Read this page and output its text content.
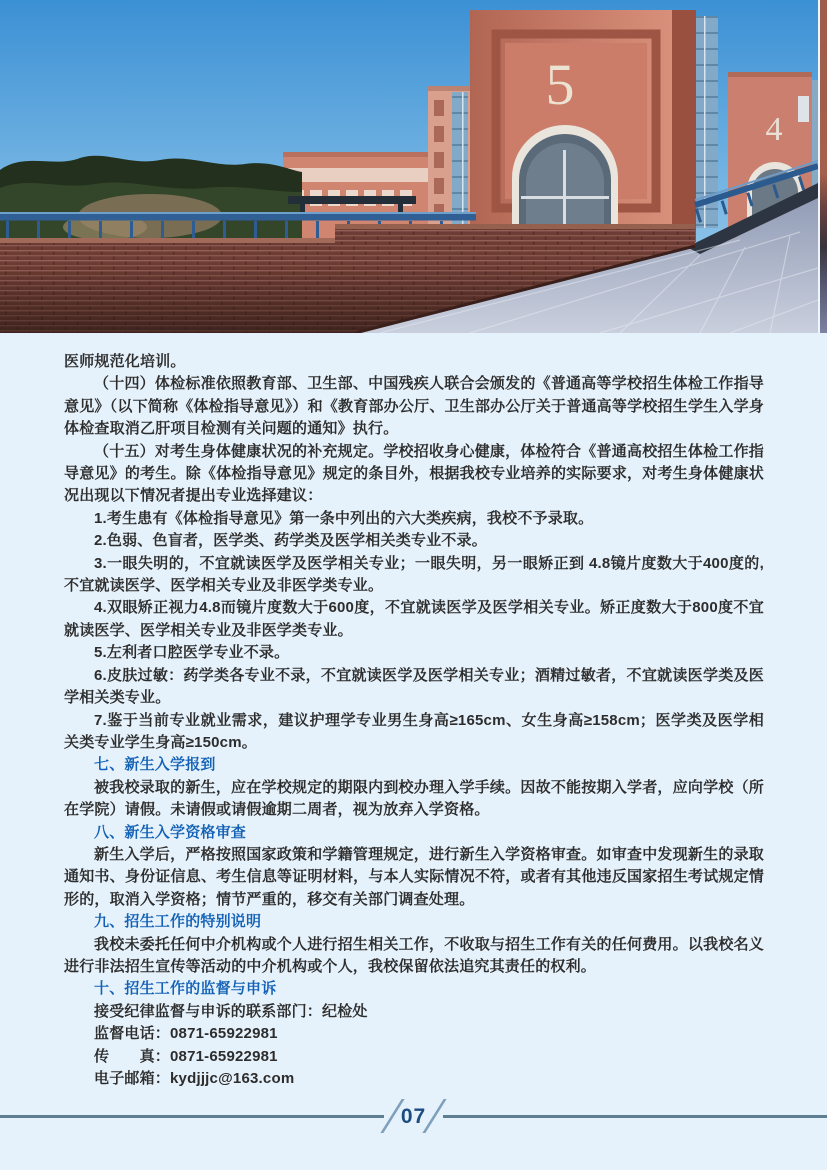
5
4

医师规范化培训。

（十四）体检标准依照教育部、卫生部、中国残疾人联合会颁发的《普通高等学校招生体检工作指导意见》（以下简称《体检指导意见》）和《教育部办公厅、卫生部办公厅关于普通高等学校招生学生入学身体检查取消乙肝项目检测有关问题的通知》执行。

（十五）对考生身体健康状况的补充规定。学校招收身心健康，体检符合《普通高校招生体检工作指导意见》的考生。除《体检指导意见》规定的条目外，根据我校专业培养的实际要求，对考生身体健康状况出现以下情况者提出专业选择建议：

1.考生患有《体检指导意见》第一条中列出的六大类疾病，我校不予录取。

2.色弱、色盲者，医学类、药学类及医学相关类专业不录。

3.一眼失明的，不宜就读医学及医学相关专业；一眼失明，另一眼矫正到 4.8镜片度数大于400度的,不宜就读医学、医学相关专业及非医学类专业。

4.双眼矫正视力4.8而镜片度数大于600度，不宜就读医学及医学相关专业。矫正度数大于800度不宜就读医学、医学相关专业及非医学类专业。

5.左利者口腔医学专业不录。

6.皮肤过敏：药学类各专业不录，不宜就读医学及医学相关专业；酒精过敏者，不宜就读医学类及医学相关类专业。

7.鉴于当前专业就业需求，建议护理学专业男生身高≥165cm、女生身高≥158cm；医学类及医学相关类专业学生身高≥150cm。

七、新生入学报到

被我校录取的新生，应在学校规定的期限内到校办理入学手续。因故不能按期入学者，应向学校（所在学院）请假。未请假或请假逾期二周者，视为放弃入学资格。

八、新生入学资格审查

新生入学后，严格按照国家政策和学籍管理规定，进行新生入学资格审查。如审查中发现新生的录取通知书、身份证信息、考生信息等证明材料，与本人实际情况不符，或者有其他违反国家招生考试规定情形的，取消入学资格；情节严重的，移交有关部门调查处理。

九、招生工作的特别说明

我校未委托任何中介机构或个人进行招生相关工作，不收取与招生工作有关的任何费用。以我校名义进行非法招生宣传等活动的中介机构或个人，我校保留依法追究其责任的权利。

十、招生工作的监督与申诉

接受纪律监督与申诉的联系部门：纪检处

监督电话：0871-65922981

传　　真：0871-65922981

电子邮箱：kydjjjc@163.com

07
